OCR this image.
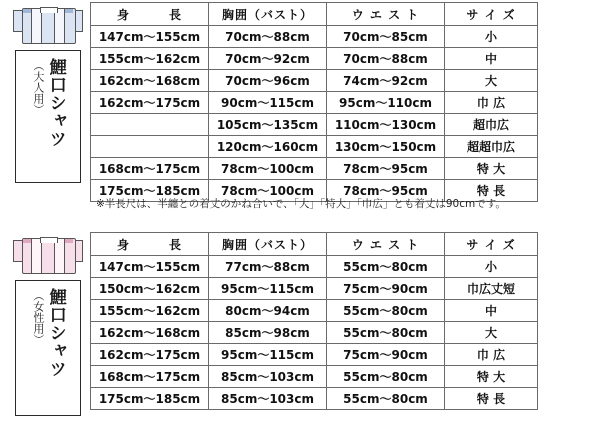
鯉口シャツ
（大人用）
身　　　長	胸囲（バスト）	ウ エ ス ト	サ イ ズ
147cm〜155cm	70cm〜88cm	70cm〜85cm	小
155cm〜162cm	70cm〜92cm	70cm〜88cm	中
162cm〜168cm	70cm〜96cm	74cm〜92cm	大
162cm〜175cm	90cm〜115cm	95cm〜110cm	巾 広
	105cm〜135cm	110cm〜130cm	超巾広
	120cm〜160cm	130cm〜150cm	超超巾広
168cm〜175cm	78cm〜100cm	78cm〜95cm	特 大
175cm〜185cm	78cm〜100cm	78cm〜95cm	特 長
※半長尺は、半纏との着丈のかね合いで、「大」「特大」「巾広」とも着丈は90cmです。
鯉口シャツ
（女性用）
身　　　長	胸囲（バスト）	ウ エ ス ト	サ イ ズ
147cm〜155cm	77cm〜88cm	55cm〜80cm	小
150cm〜162cm	95cm〜115cm	75cm〜90cm	巾広丈短
155cm〜162cm	80cm〜94cm	55cm〜80cm	中
162cm〜168cm	85cm〜98cm	55cm〜80cm	大
162cm〜175cm	95cm〜115cm	75cm〜90cm	巾 広
168cm〜175cm	85cm〜103cm	55cm〜80cm	特 大
175cm〜185cm	85cm〜103cm	55cm〜80cm	特 長
